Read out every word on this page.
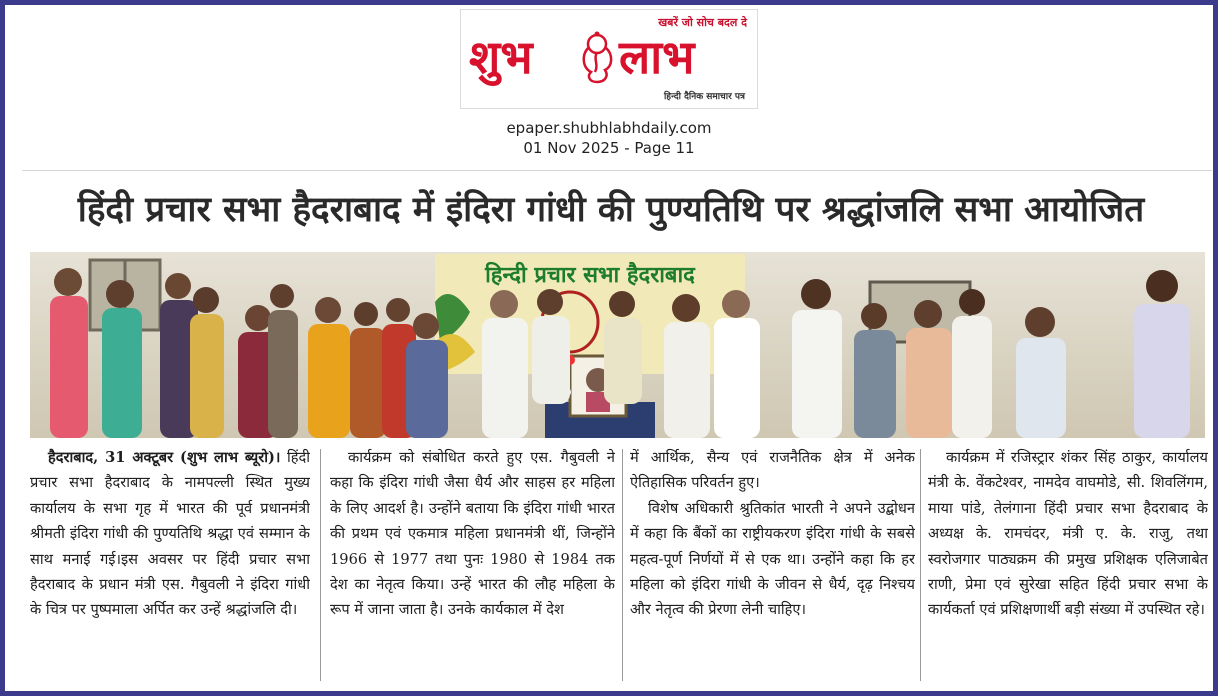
खबरें जो सोच बदल दे
शुभ लाभ
हिन्दी दैनिक समाचार पत्र
epaper.shubhlabhdaily.com
01 Nov 2025 - Page 11
हिंदी प्रचार सभा हैदराबाद में इंदिरा गांधी की पुण्यतिथि पर श्रद्धांजलि सभा आयोजित
हिन्दी प्रचार सभा हैदराबाद
हैदराबाद, 31 अक्टूबर (शुभ लाभ ब्यूरो)। हिंदी प्रचार सभा हैदराबाद के नामपल्ली स्थित मुख्य कार्यालय के सभा गृह में भारत की पूर्व प्रधानमंत्री श्रीमती इंदिरा गांधी की पुण्यतिथि श्रद्धा एवं सम्मान के साथ मनाई गई।इस अवसर पर हिंदी प्रचार सभा हैदराबाद के प्रधान मंत्री एस. गैबुवली ने इंदिरा गांधी के चित्र पर पुष्पमाला अर्पित कर उन्हें श्रद्धांजलि दी।
कार्यक्रम को संबोधित करते हुए एस. गैबुवली ने कहा कि इंदिरा गांधी जैसा धैर्य और साहस हर महिला के लिए आदर्श है। उन्होंने बताया कि इंदिरा गांधी भारत की प्रथम एवं एकमात्र महिला प्रधानमंत्री थीं, जिन्होंने 1966 से 1977 तथा पुनः 1980 से 1984 तक देश का नेतृत्व किया। उन्हें भारत की लौह महिला के रूप में जाना जाता है। उनके कार्यकाल में देश
में आर्थिक, सैन्य एवं राजनैतिक क्षेत्र में अनेक ऐतिहासिक परिवर्तन हुए।
विशेष अधिकारी श्रुतिकांत भारती ने अपने उद्बोधन में कहा कि बैंकों का राष्ट्रीयकरण इंदिरा गांधी के सबसे महत्व-पूर्ण निर्णयों में से एक था। उन्होंने कहा कि हर महिला को इंदिरा गांधी के जीवन से धैर्य, दृढ़ निश्चय और नेतृत्व की प्रेरणा लेनी चाहिए।
कार्यक्रम में रजिस्ट्रार शंकर सिंह ठाकुर, कार्यालय मंत्री के. वेंकटेश्वर, नामदेव वाघमोडे, सी. शिवलिंगम, माया पांडे, तेलंगाना हिंदी प्रचार सभा हैदराबाद के अध्यक्ष के. रामचंदर, मंत्री ए. के. राजु, तथा स्वरोजगार पाठ्यक्रम की प्रमुख प्रशिक्षक एलिजाबेत राणी, प्रेमा एवं सुरेखा सहित हिंदी प्रचार सभा के कार्यकर्ता एवं प्रशिक्षणार्थी बड़ी संख्या में उपस्थित रहे।
